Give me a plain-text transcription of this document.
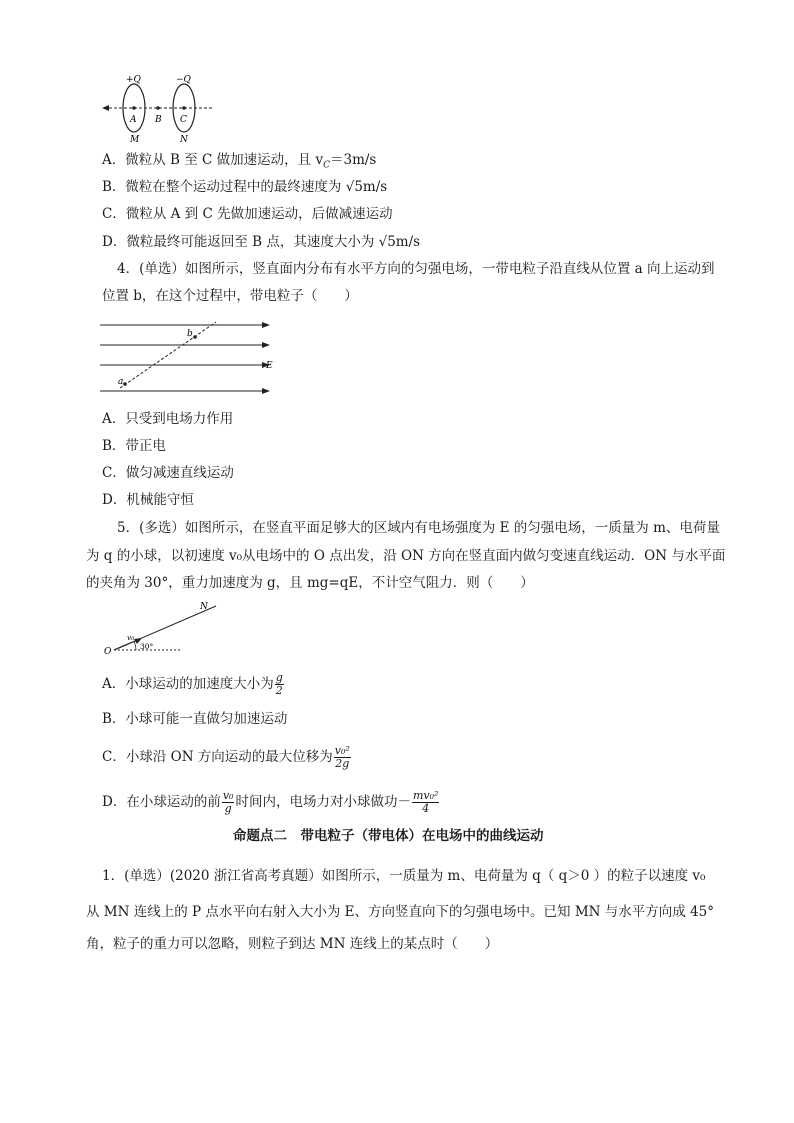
+Q	−Q
A B C
M	N
A．微粒从 B 至 C 做加速运动，且 $v_C=3m/s$
B．微粒在整个运动过程中的最终速度为 √5m/s
C．微粒从 A 到 C 先做加速运动，后做减速运动
D．微粒最终可能返回至 B 点，其速度大小为 √5m/s
4．(单选）如图所示，竖直面内分布有水平方向的匀强电场，一带电粒子沿直线从位置 a 向上运动到
位置 b，在这个过程中，带电粒子（　　）
b
a
E
A．只受到电场力作用
B．带正电
C．做匀减速直线运动
D．机械能守恒
5．(多选）如图所示，在竖直平面足够大的区域内有电场强度为 E 的匀强电场，一质量为 m、电荷量
为 q 的小球，以初速度 v₀从电场中的 O 点出发，沿 ON 方向在竖直面内做匀变速直线运动．ON 与水平面
的夹角为 30°，重力加速度为 g，且 mg=qE，不计空气阻力．则（　　）
O
N
v₀
30°
A．小球运动的加速度大小为 $\frac{g}{2}$
B．小球可能一直做匀加速运动
C．小球沿 ON 方向运动的最大位移为 $\frac{\text{v₀²}}{2g}$
D．在小球运动的前 $\frac{\text{v₀}}{g}$ 时间内，电场力对小球做功－ $\frac{\text{mv₀²}}{4}$
命题点二　带电粒子（带电体）在电场中的曲线运动
1．(单选）(2020 浙江省高考真题）如图所示，一质量为 m、电荷量为 q（ q＞0 ）的粒子以速度 v₀
从 MN 连线上的 P 点水平向右射入大小为 E、方向竖直向下的匀强电场中。已知 MN 与水平方向成 45°
角，粒子的重力可以忽略，则粒子到达 MN 连线上的某点时（　　）
